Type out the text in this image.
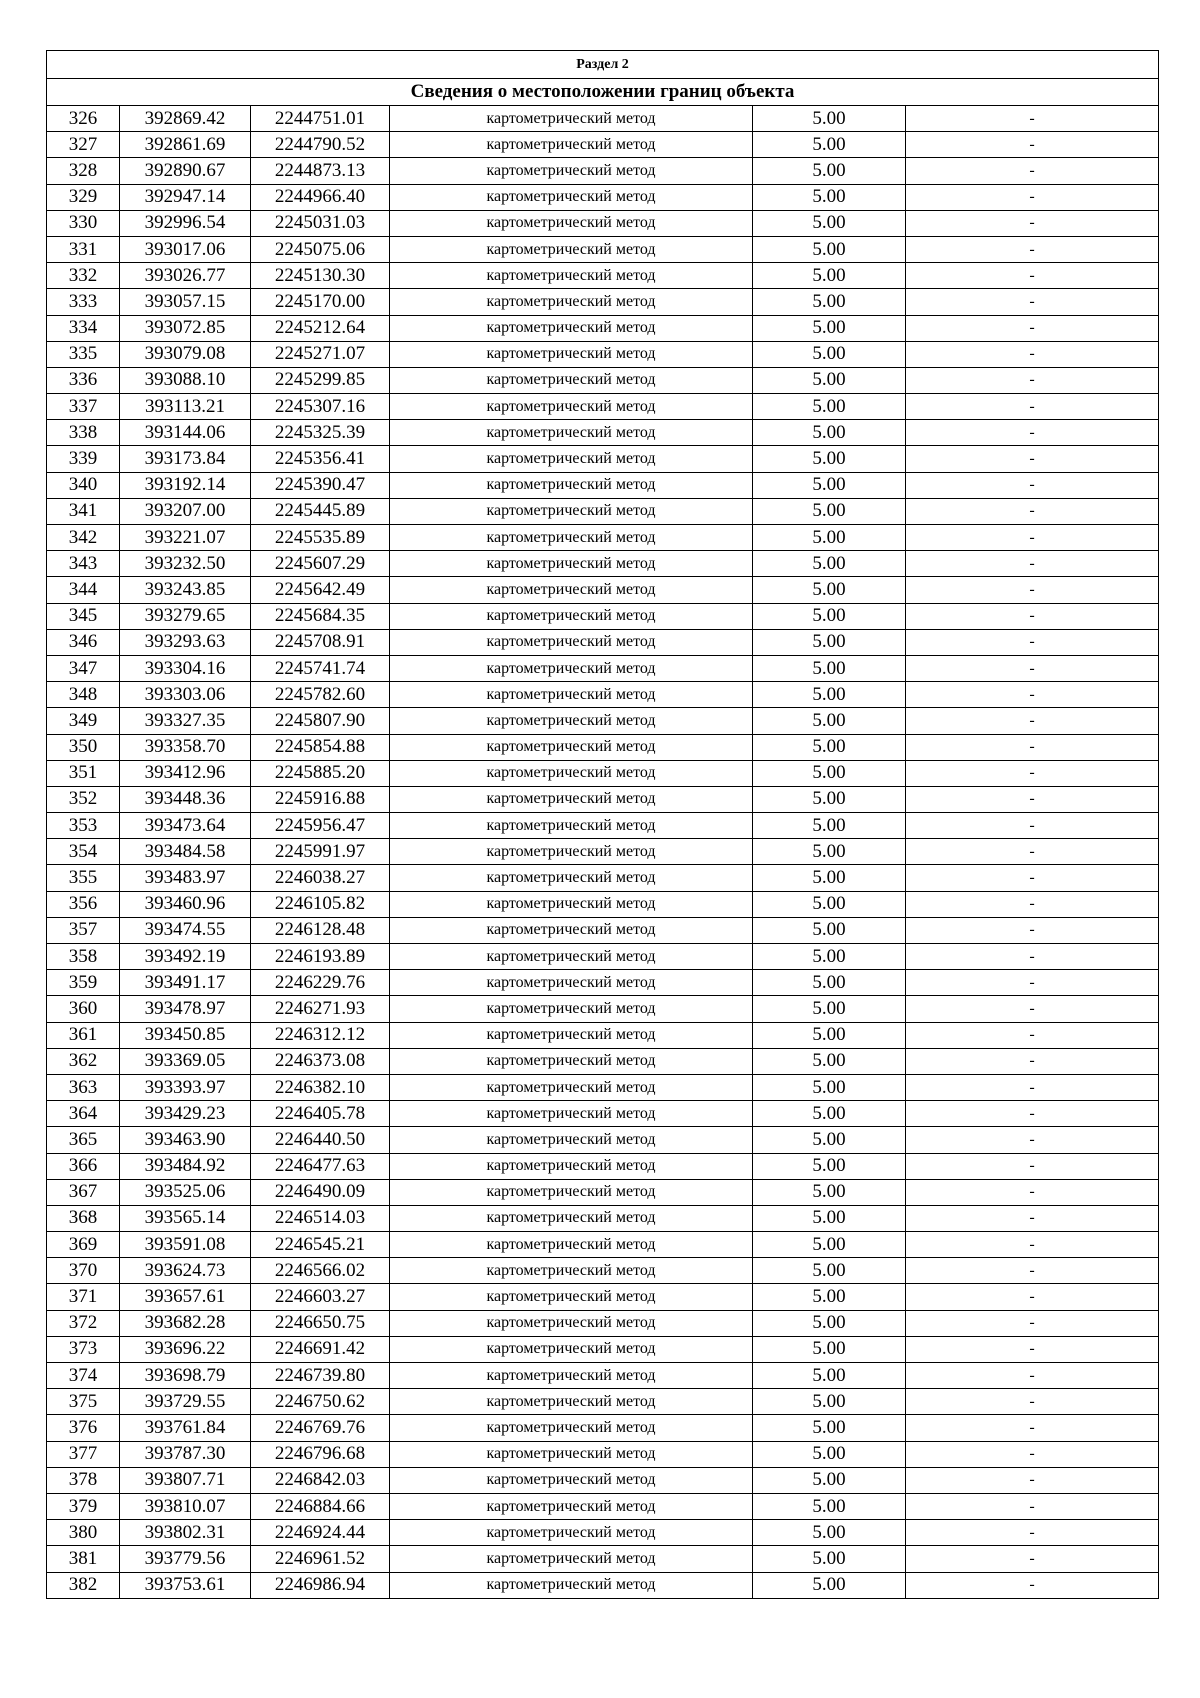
Раздел 2					
Сведения о местоположении границ объекта					
326	392869.42	2244751.01	картометрический метод	5.00	-
327	392861.69	2244790.52	картометрический метод	5.00	-
328	392890.67	2244873.13	картометрический метод	5.00	-
329	392947.14	2244966.40	картометрический метод	5.00	-
330	392996.54	2245031.03	картометрический метод	5.00	-
331	393017.06	2245075.06	картометрический метод	5.00	-
332	393026.77	2245130.30	картометрический метод	5.00	-
333	393057.15	2245170.00	картометрический метод	5.00	-
334	393072.85	2245212.64	картометрический метод	5.00	-
335	393079.08	2245271.07	картометрический метод	5.00	-
336	393088.10	2245299.85	картометрический метод	5.00	-
337	393113.21	2245307.16	картометрический метод	5.00	-
338	393144.06	2245325.39	картометрический метод	5.00	-
339	393173.84	2245356.41	картометрический метод	5.00	-
340	393192.14	2245390.47	картометрический метод	5.00	-
341	393207.00	2245445.89	картометрический метод	5.00	-
342	393221.07	2245535.89	картометрический метод	5.00	-
343	393232.50	2245607.29	картометрический метод	5.00	-
344	393243.85	2245642.49	картометрический метод	5.00	-
345	393279.65	2245684.35	картометрический метод	5.00	-
346	393293.63	2245708.91	картометрический метод	5.00	-
347	393304.16	2245741.74	картометрический метод	5.00	-
348	393303.06	2245782.60	картометрический метод	5.00	-
349	393327.35	2245807.90	картометрический метод	5.00	-
350	393358.70	2245854.88	картометрический метод	5.00	-
351	393412.96	2245885.20	картометрический метод	5.00	-
352	393448.36	2245916.88	картометрический метод	5.00	-
353	393473.64	2245956.47	картометрический метод	5.00	-
354	393484.58	2245991.97	картометрический метод	5.00	-
355	393483.97	2246038.27	картометрический метод	5.00	-
356	393460.96	2246105.82	картометрический метод	5.00	-
357	393474.55	2246128.48	картометрический метод	5.00	-
358	393492.19	2246193.89	картометрический метод	5.00	-
359	393491.17	2246229.76	картометрический метод	5.00	-
360	393478.97	2246271.93	картометрический метод	5.00	-
361	393450.85	2246312.12	картометрический метод	5.00	-
362	393369.05	2246373.08	картометрический метод	5.00	-
363	393393.97	2246382.10	картометрический метод	5.00	-
364	393429.23	2246405.78	картометрический метод	5.00	-
365	393463.90	2246440.50	картометрический метод	5.00	-
366	393484.92	2246477.63	картометрический метод	5.00	-
367	393525.06	2246490.09	картометрический метод	5.00	-
368	393565.14	2246514.03	картометрический метод	5.00	-
369	393591.08	2246545.21	картометрический метод	5.00	-
370	393624.73	2246566.02	картометрический метод	5.00	-
371	393657.61	2246603.27	картометрический метод	5.00	-
372	393682.28	2246650.75	картометрический метод	5.00	-
373	393696.22	2246691.42	картометрический метод	5.00	-
374	393698.79	2246739.80	картометрический метод	5.00	-
375	393729.55	2246750.62	картометрический метод	5.00	-
376	393761.84	2246769.76	картометрический метод	5.00	-
377	393787.30	2246796.68	картометрический метод	5.00	-
378	393807.71	2246842.03	картометрический метод	5.00	-
379	393810.07	2246884.66	картометрический метод	5.00	-
380	393802.31	2246924.44	картометрический метод	5.00	-
381	393779.56	2246961.52	картометрический метод	5.00	-
382	393753.61	2246986.94	картометрический метод	5.00	-
